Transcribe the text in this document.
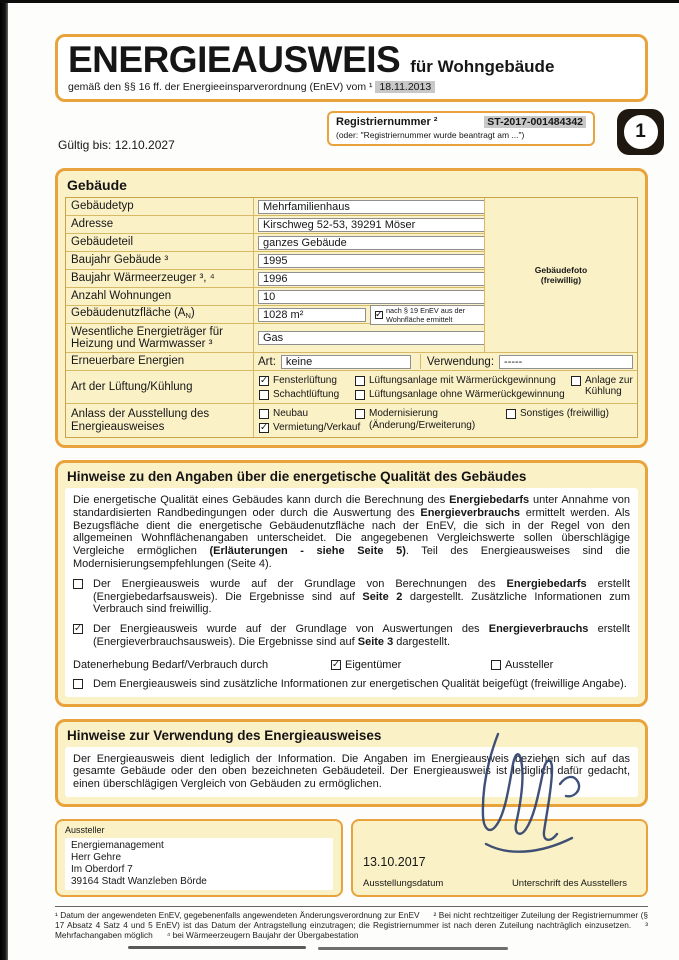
ENERGIEAUSWEIS für Wohngebäude
gemäß den §§ 16 ff. der Energieeinsparverordnung (EnEV) vom ¹ 18.11.2013
Gültig bis: 12.10.2027
Registriernummer ²	ST-2017-001484342
(oder: "Registriernummer wurde beantragt am ...")	1
Gebäude
Gebäudefoto
(freiwillig)
Gebäudetyp	Mehrfamilienhaus
Adresse	Kirschweg 52-53, 39291 Möser
Gebäudeteil	ganzes Gebäude
Baujahr Gebäude ³	1995
Baujahr Wärmeerzeuger ³, ⁴	1996
Anzahl Wohnungen	10
Gebäudenutzfläche $(A_N)$	1028 m²	✓ nach § 19 EnEV aus der Wohnfläche ermittelt
Wesentliche Energieträger für Heizung und Warmwasser ³	Gas
Erneuerbare Energien	Art: keine	Verwendung: -----
Art der Lüftung/Kühlung
✓ Fensterlüftung	Lüftungsanlage mit Wärmerückgewinnung	Anlage zur Kühlung
Schachtlüftung	Lüftungsanlage ohne Wärmerückgewinnung
Anlass der Ausstellung des Energieausweises
Neubau	Modernisierung
(Änderung/Erweiterung)
Sonstiges (freiwillig)
✓ Vermietung/Verkauf
Hinweise zu den Angaben über die energetische Qualität des Gebäudes
Die energetische Qualität eines Gebäudes kann durch die Berechnung des Energiebedarfs unter Annahme von standardisierten Randbedingungen oder durch die Auswertung des Energieverbrauchs ermittelt werden. Als Bezugsfläche dient die energetische Gebäudenutzfläche nach der EnEV, die sich in der Regel von den allgemeinen Wohnflächenangaben unterscheidet. Die angegebenen Vergleichswerte sollen überschlägige Vergleiche ermöglichen (Erläuterungen - siehe Seite 5). Teil des Energieausweises sind die Modernisierungsempfehlungen (Seite 4).
Der Energieausweis wurde auf der Grundlage von Berechnungen des Energiebedarfs erstellt (Energiebedarfsausweis). Die Ergebnisse sind auf Seite 2 dargestellt. Zusätzliche Informationen zum Verbrauch sind freiwillig.
✓ Der Energieausweis wurde auf der Grundlage von Auswertungen des Energieverbrauchs erstellt (Energieverbrauchsausweis). Die Ergebnisse sind auf Seite 3 dargestellt.
Datenerhebung Bedarf/Verbrauch durch	✓ Eigentümer	Aussteller
Dem Energieausweis sind zusätzliche Informationen zur energetischen Qualität beigefügt (freiwillige Angabe).
Hinweise zur Verwendung des Energieausweises
Der Energieausweis dient lediglich der Information. Die Angaben im Energieausweis beziehen sich auf das gesamte Gebäude oder den oben bezeichneten Gebäudeteil. Der Energieausweis ist lediglich dafür gedacht, einen überschlägigen Vergleich von Gebäuden zu ermöglichen.
Aussteller
Energiemanagement
Herr Gehre
Im Oberdorf 7
39164 Stadt Wanzleben Börde
13.10.2017
Ausstellungsdatum	Unterschrift des Ausstellers
¹ Datum der angewendeten EnEV, gegebenenfalls angewendeten Änderungsverordnung zur EnEV ² Bei nicht rechtzeitiger Zuteilung der Registriernummer (§ 17 Absatz 4 Satz 4 und 5 EnEV) ist das Datum der Antragstellung einzutragen; die Registriernummer ist nach deren Zuteilung nachträglich einzusetzen. ³ Mehrfachangaben möglich ⁴ bei Wärmeerzeugern Baujahr der Übergabestation
